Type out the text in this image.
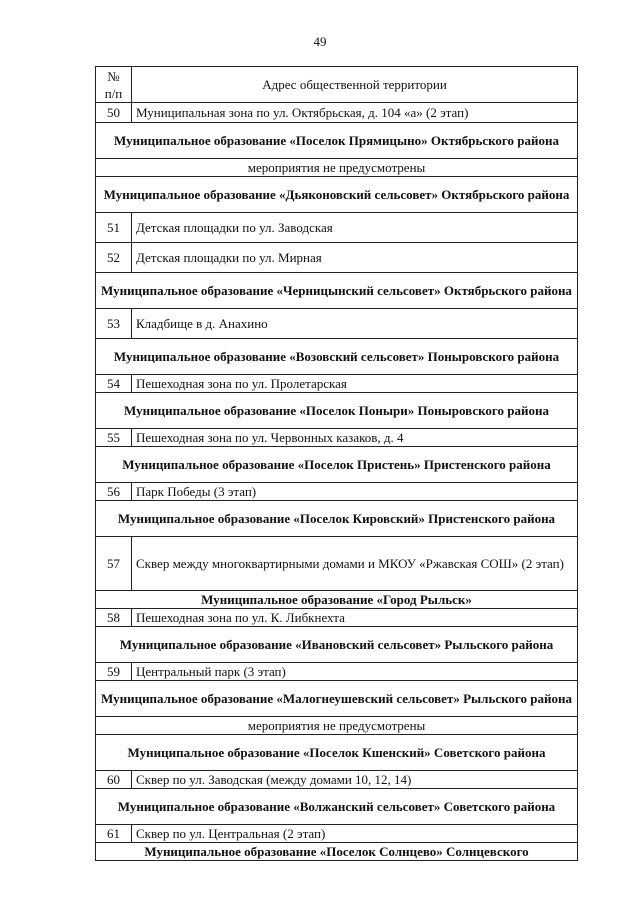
49
№
п/п	Адрес общественной территории
50	Муниципальная зона по ул. Октябрьская, д. 104 «а» (2 этап)
Муниципальное образование «Поселок Прямицыно» Октябрьского района	
мероприятия не предусмотрены	
Муниципальное образование «Дьяконовский сельсовет» Октябрьского района	
51	Детская площадки по ул. Заводская
52	Детская площадки по ул. Мирная
Муниципальное образование «Черницынский сельсовет» Октябрьского района	
53	Кладбище в д. Анахино
Муниципальное образование «Возовский сельсовет» Поныровского района	
54	Пешеходная зона по ул. Пролетарская
Муниципальное образование «Поселок Поныри» Поныровского района	
55	Пешеходная зона по ул. Червонных казаков, д. 4
Муниципальное образование «Поселок Пристень» Пристенского района	
56	Парк Победы (3 этап)
Муниципальное образование «Поселок Кировский» Пристенского района	
57	Сквер между многоквартирными домами и МКОУ «Ржавская СОШ» (2 этап)
Муниципальное образование «Город Рыльск»	
58	Пешеходная зона по ул. К. Либкнехта
Муниципальное образование «Ивановский сельсовет» Рыльского района	
59	Центральный парк (3 этап)
Муниципальное образование «Малогнеушевский сельсовет» Рыльского района	
мероприятия не предусмотрены	
Муниципальное образование «Поселок Кшенский» Советского района	
60	Сквер по ул. Заводская (между домами 10, 12, 14)
Муниципальное образование «Волжанский сельсовет» Советского района	
61	Сквер по ул. Центральная (2 этап)
Муниципальное образование «Поселок Солнцево» Солнцевского	
